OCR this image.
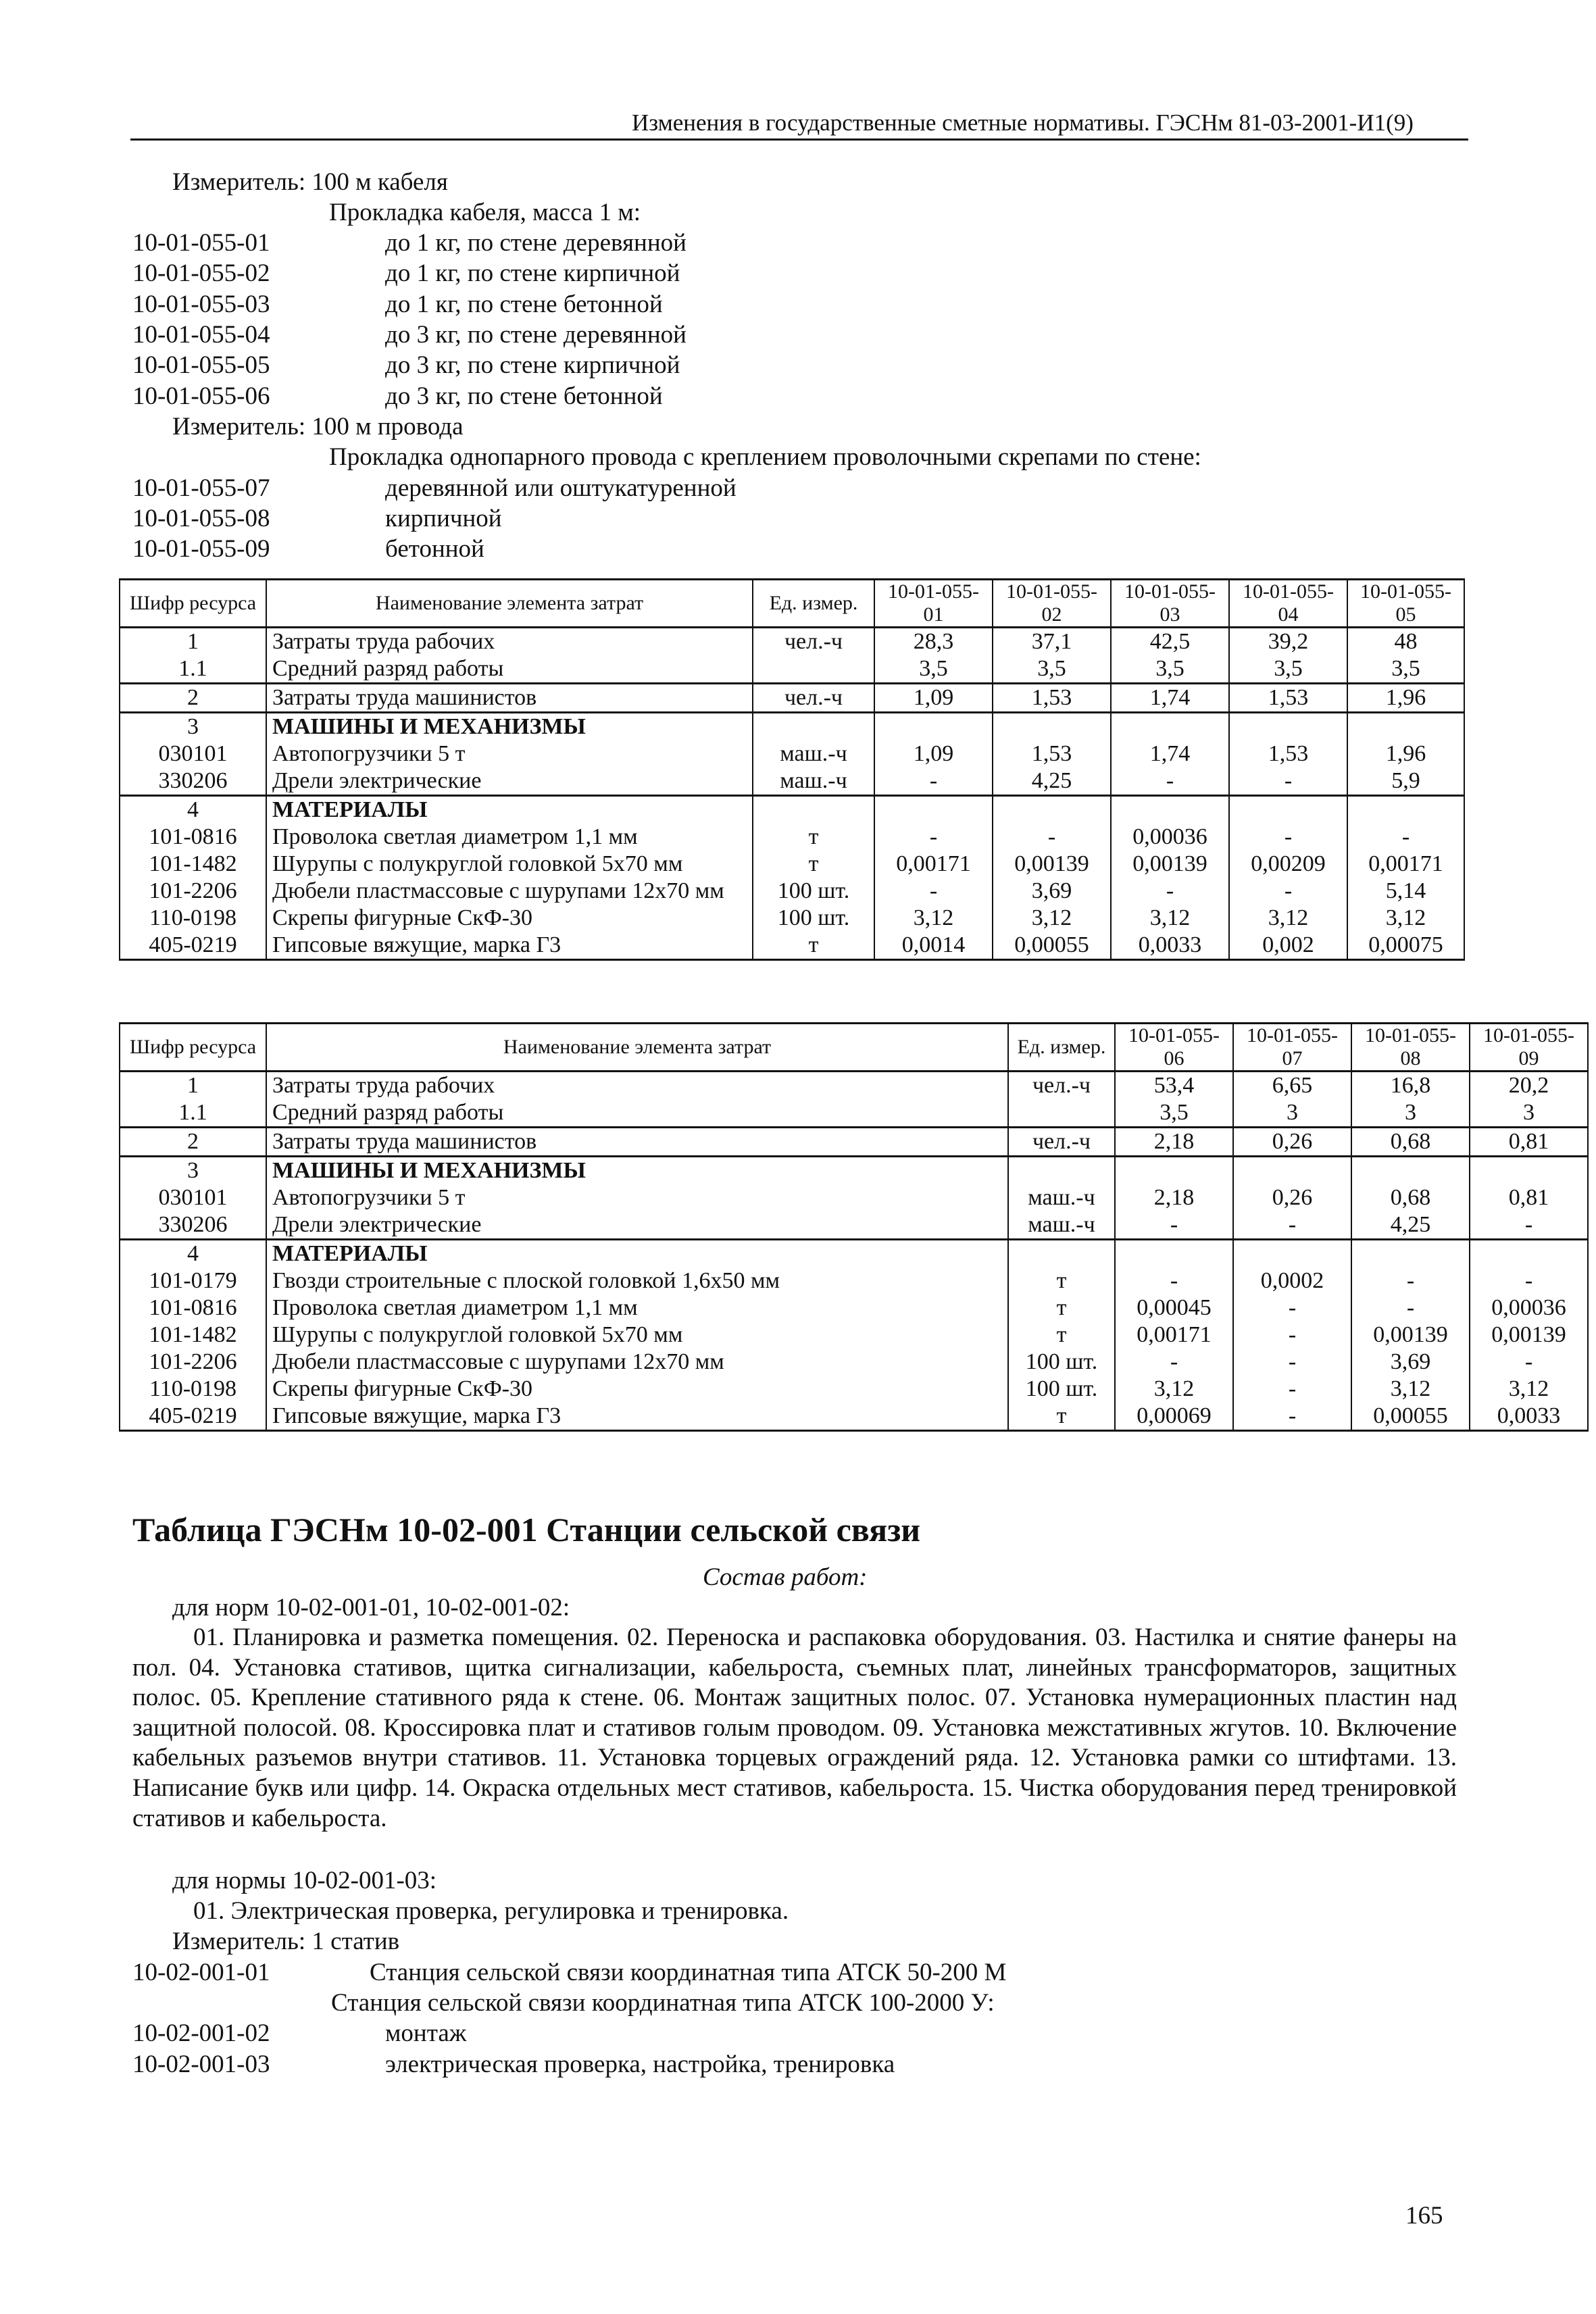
Изменения в государственные сметные нормативы. ГЭСНм 81-03-2001-И1(9)
Измеритель: 100 м кабеля
Прокладка кабеля, масса 1 м:
10-01-055-01	до 1 кг, по стене деревянной
10-01-055-02	до 1 кг, по стене кирпичной
10-01-055-03	до 1 кг, по стене бетонной
10-01-055-04	до 3 кг, по стене деревянной
10-01-055-05	до 3 кг, по стене кирпичной
10-01-055-06	до 3 кг, по стене бетонной
Измеритель: 100 м провода
Прокладка однопарного провода с креплением проволочными скрепами по стене:
10-01-055-07	деревянной или оштукатуренной
10-01-055-08	кирпичной
10-01-055-09	бетонной
Шифр ресурса	Наименование элемента затрат	Ед. измер.	10-01-055-01	10-01-055-02	10-01-055-03	10-01-055-04	10-01-055-05
1	Затраты труда рабочих	чел.-ч	28,3	37,1	42,5	39,2	48
1.1	Средний разряд работы		3,5	3,5	3,5	3,5	3,5
2	Затраты труда машинистов	чел.-ч	1,09	1,53	1,74	1,53	1,96
3	МАШИНЫ И МЕХАНИЗМЫ						
030101	Автопогрузчики 5 т	маш.-ч	1,09	1,53	1,74	1,53	1,96
330206	Дрели электрические	маш.-ч	-	4,25	-	-	5,9
4	МАТЕРИАЛЫ						
101-0816	Проволока светлая диаметром 1,1 мм	т	-	-	0,00036	-	-
101-1482	Шурупы с полукруглой головкой 5х70 мм	т	0,00171	0,00139	0,00139	0,00209	0,00171
101-2206	Дюбели пластмассовые с шурупами 12х70 мм	100 шт.	-	3,69	-	-	5,14
110-0198	Скрепы фигурные СкФ-30	100 шт.	3,12	3,12	3,12	3,12	3,12
405-0219	Гипсовые вяжущие, марка Г3	т	0,0014	0,00055	0,0033	0,002	0,00075
Шифр ресурса	Наименование элемента затрат	Ед. измер.	10-01-055-06	10-01-055-07	10-01-055-08	10-01-055-09
1	Затраты труда рабочих	чел.-ч	53,4	6,65	16,8	20,2
1.1	Средний разряд работы		3,5	3	3	3
2	Затраты труда машинистов	чел.-ч	2,18	0,26	0,68	0,81
3	МАШИНЫ И МЕХАНИЗМЫ					
030101	Автопогрузчики 5 т	маш.-ч	2,18	0,26	0,68	0,81
330206	Дрели электрические	маш.-ч	-	-	4,25	-
4	МАТЕРИАЛЫ					
101-0179	Гвозди строительные с плоской головкой 1,6х50 мм	т	-	0,0002	-	-
101-0816	Проволока светлая диаметром 1,1 мм	т	0,00045	-	-	0,00036
101-1482	Шурупы с полукруглой головкой 5х70 мм	т	0,00171	-	0,00139	0,00139
101-2206	Дюбели пластмассовые с шурупами 12х70 мм	100 шт.	-	-	3,69	-
110-0198	Скрепы фигурные СкФ-30	100 шт.	3,12	-	3,12	3,12
405-0219	Гипсовые вяжущие, марка Г3	т	0,00069	-	0,00055	0,0033
Таблица ГЭСНм 10-02-001 Станции сельской связи
Состав работ:
для норм 10-02-001-01, 10-02-001-02:
01. Планировка и разметка помещения. 02. Переноска и распаковка оборудования. 03. Настилка и снятие фанеры на пол. 04. Установка стативов, щитка сигнализации, кабельроста, съемных плат, линейных трансформаторов, защитных полос. 05. Крепление стативного ряда к стене. 06. Монтаж защитных полос. 07. Установка нумерационных пластин над защитной полосой. 08. Кроссировка плат и стативов голым проводом. 09. Установка межстативных жгутов. 10. Включение кабельных разъемов внутри стативов. 11. Установка торцевых ограждений ряда. 12. Установка рамки со штифтами. 13. Написание букв или цифр. 14. Окраска отдельных мест стативов, кабельроста. 15. Чистка оборудования перед тренировкой стативов и кабельроста.
для нормы 10-02-001-03:
01. Электрическая проверка, регулировка и тренировка.
Измеритель: 1 статив
10-02-001-01	Станция сельской связи координатная типа АТСК 50-200 М
Станция сельской связи координатная типа АТСК 100-2000 У:
10-02-001-02	монтаж
10-02-001-03	электрическая проверка, настройка, тренировка
165
